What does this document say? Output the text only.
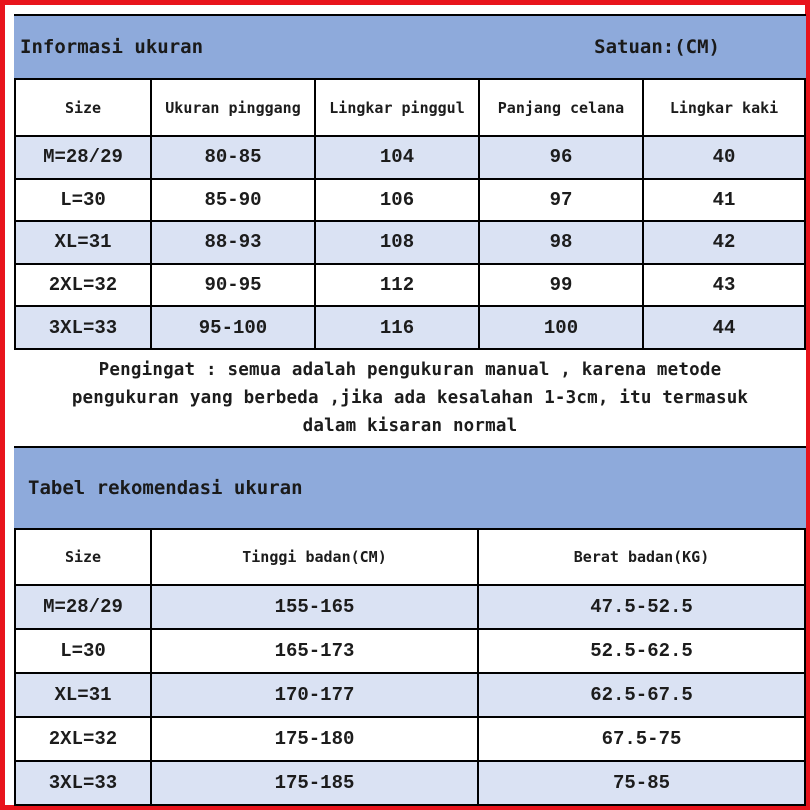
Informasi ukuran	Satuan:(CM)
Size	Ukuran pinggang	Lingkar pinggul	Panjang celana	Lingkar kaki
M=28/29	80-85	104	96	40
L=30	85-90	106	97	41
XL=31	88-93	108	98	42
2XL=32	90-95	112	99	43
3XL=33	95-100	116	100	44
Pengingat : semua adalah pengukuran manual , karena metode
pengukuran yang berbeda ,jika ada kesalahan 1-3cm, itu termasuk
dalam kisaran normal
Tabel rekomendasi ukuran
Size	Tinggi badan(CM)	Berat badan(KG)
M=28/29	155-165	47.5-52.5
L=30	165-173	52.5-62.5
XL=31	170-177	62.5-67.5
2XL=32	175-180	67.5-75
3XL=33	175-185	75-85
